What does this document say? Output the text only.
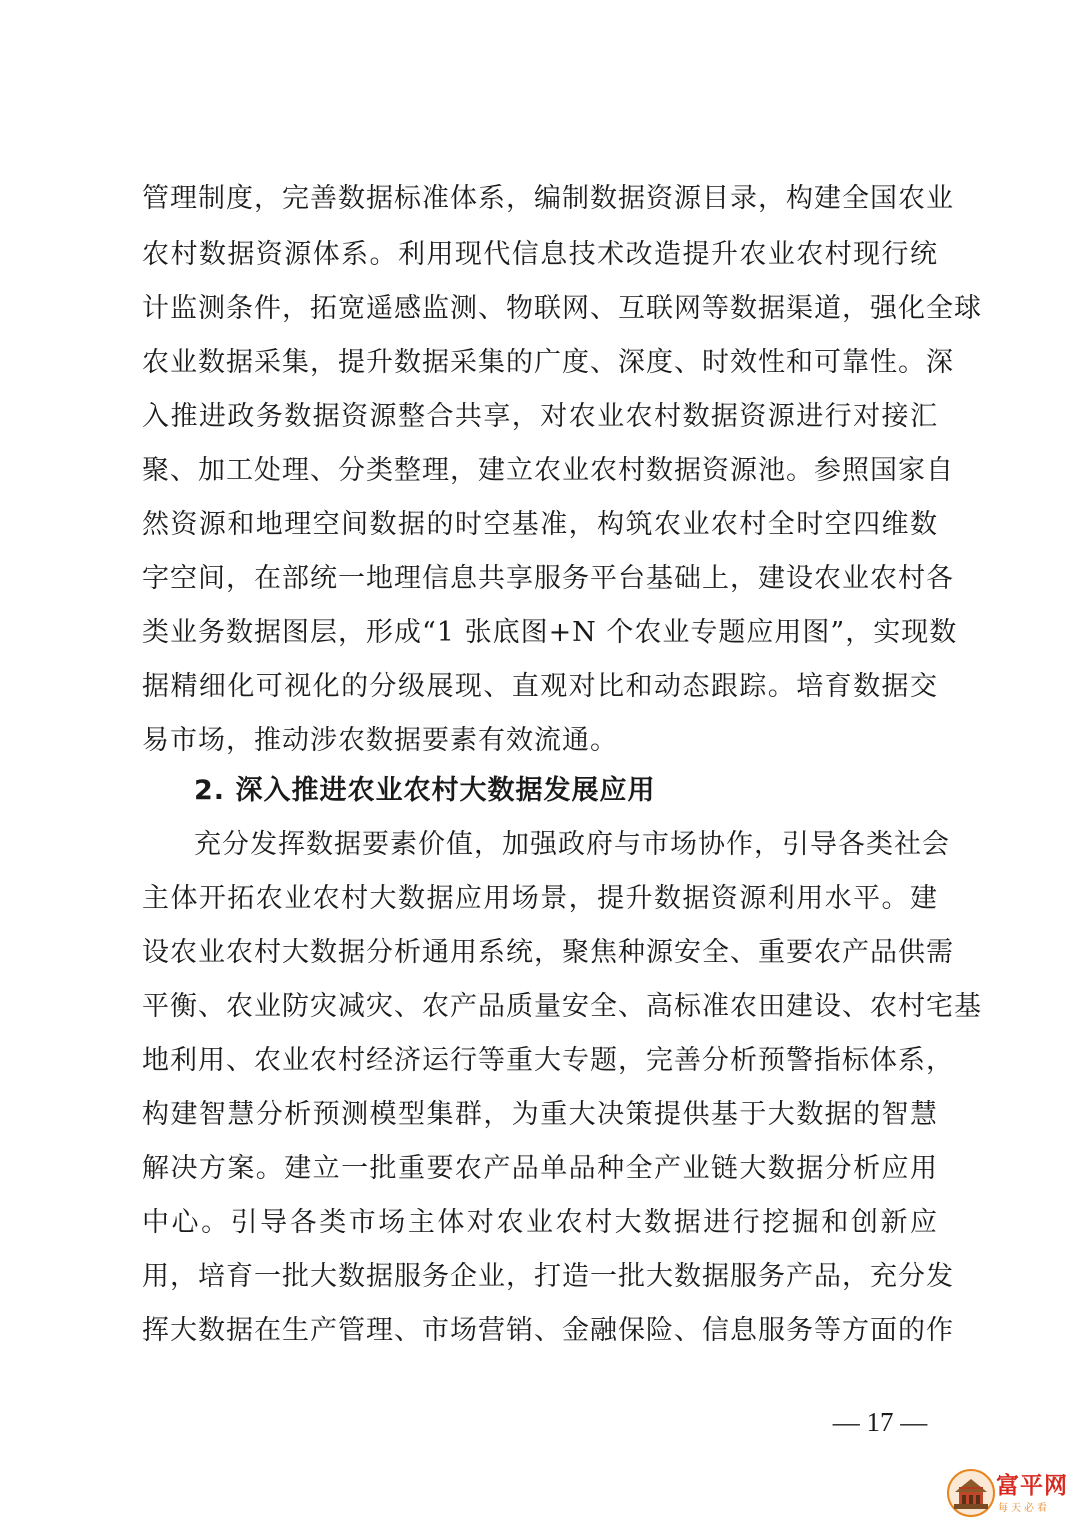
管理制度，完善数据标准体系，编制数据资源目录，构建全国农业
农村数据资源体系。利用现代信息技术改造提升农业农村现行统
计监测条件，拓宽遥感监测、物联网、互联网等数据渠道，强化全球
农业数据采集，提升数据采集的广度、深度、时效性和可靠性。深
入推进政务数据资源整合共享，对农业农村数据资源进行对接汇
聚、加工处理、分类整理，建立农业农村数据资源池。参照国家自
然资源和地理空间数据的时空基准，构筑农业农村全时空四维数
字空间，在部统一地理信息共享服务平台基础上，建设农业农村各
类业务数据图层，形成“1 张底图+N 个农业专题应用图”，实现数
据精细化可视化的分级展现、直观对比和动态跟踪。培育数据交
易市场，推动涉农数据要素有效流通。
2. 深入推进农业农村大数据发展应用
充分发挥数据要素价值，加强政府与市场协作，引导各类社会
主体开拓农业农村大数据应用场景，提升数据资源利用水平。建
设农业农村大数据分析通用系统，聚焦种源安全、重要农产品供需
平衡、农业防灾减灾、农产品质量安全、高标准农田建设、农村宅基
地利用、农业农村经济运行等重大专题，完善分析预警指标体系，
构建智慧分析预测模型集群，为重大决策提供基于大数据的智慧
解决方案。建立一批重要农产品单品种全产业链大数据分析应用
中心。引导各类市场主体对农业农村大数据进行挖掘和创新应
用，培育一批大数据服务企业，打造一批大数据服务产品，充分发
挥大数据在生产管理、市场营销、金融保险、信息服务等方面的作
— 17 —
富平网
每天必看
